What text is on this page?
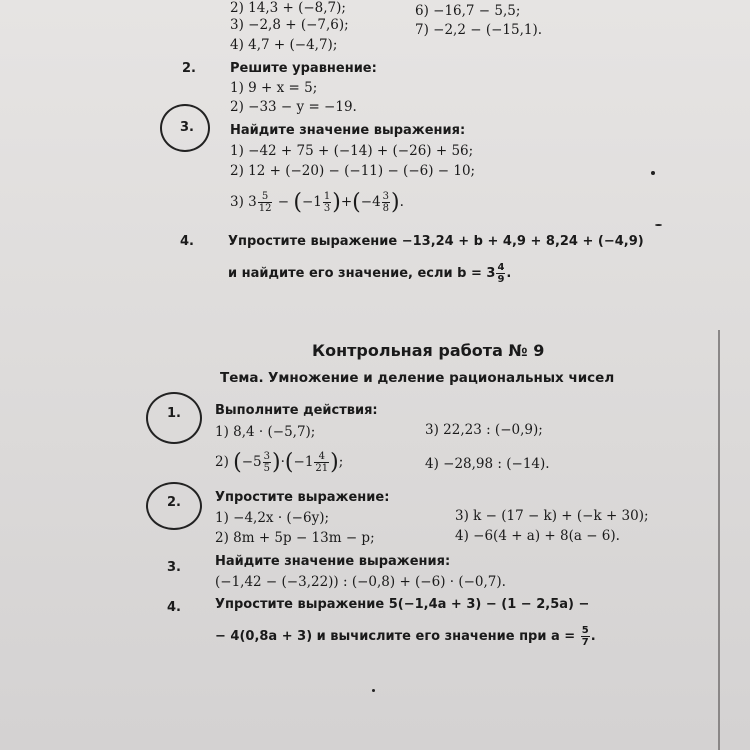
2) 14,3 + (−8,7);
3) −2,8 + (−7,6);
4) 4,7 + (−4,7);
6) −16,7 − 5,5;
7) −2,2 − (−15,1).
2.	Решите уравнение:
1) 9 + x = 5;
2) −33 − y = −19.
3.	Найдите значение выражения:
1) −42 + 75 + (−14) + (−26) + 56;
2) 12 + (−20) − (−11) − (−6) − 10;
3) $3 \frac{5}{12} - (-1 \frac{1}{3} )+(-4 \frac{3}{8}$ ).
4.	Упростите выражение −13,24 + b + 4,9 + 8,24 + (−4,9)
и найдите его значение, если $b = 3 \frac{4}{9}$ .
Контрольная работа № 9
Тема. Умножение и деление рациональных чисел
1.	Выполните действия:
1) 8,4 · (−5,7);	3) 22,23 : (−0,9);
2) $(-5 \frac{3}{5} )\cdot(-1 \frac{4}{21}$ );	4) −28,98 : (−14).
2.	Упростите выражение:
1) −4,2x · (−6y);	3) k − (17 − k) + (−k + 30);
2) 8m + 5p − 13m − p;	4) −6(4 + a) + 8(a − 6).
3.	Найдите значение выражения:
(−1,42 − (−3,22)) : (−0,8) + (−6) · (−0,7).
4.	Упростите выражение 5(−1,4a + 3) − (1 − 2,5a) −
− 4(0,8a + 3) и вычислите его значение при $a = \frac{5}{7}$ .
